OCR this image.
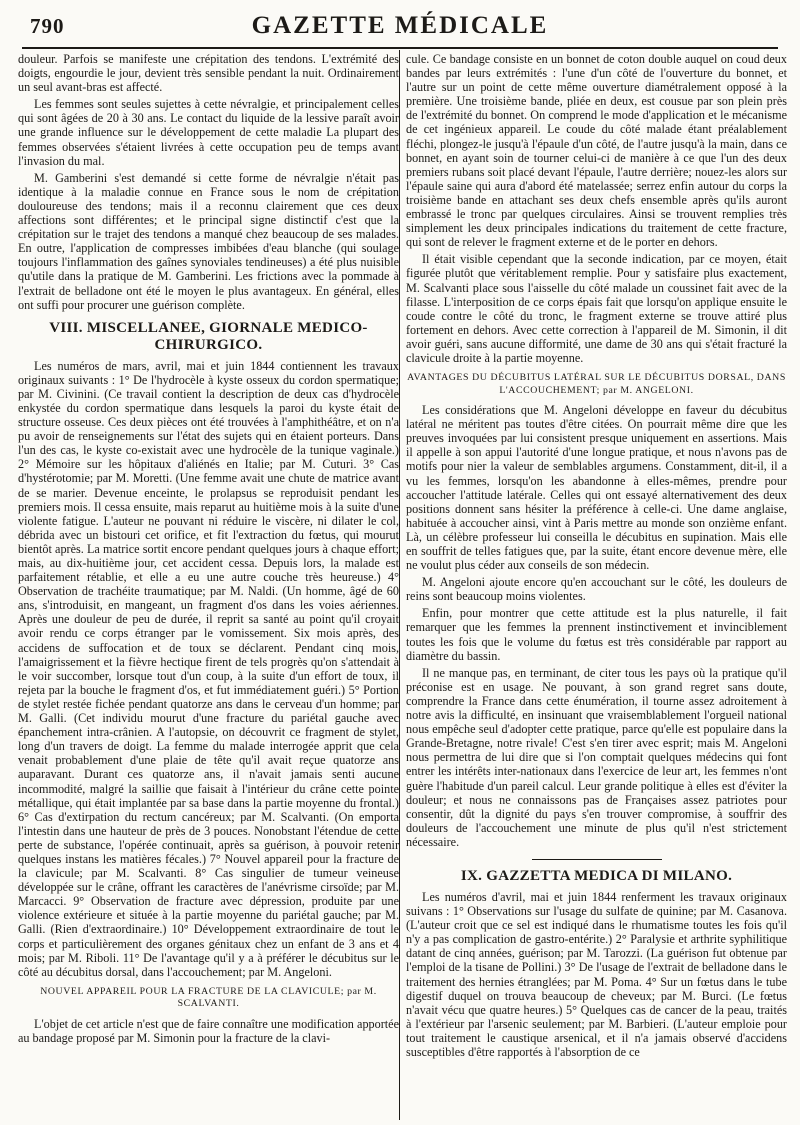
790	GAZETTE MÉDICALE

douleur. Parfois se manifeste une crépitation des tendons. L'extrémité des doigts, engourdie le jour, devient très sensible pendant la nuit. Ordinairement un seul avant-bras est affecté.

Les femmes sont seules sujettes à cette névralgie, et principalement celles qui sont âgées de 20 à 30 ans. Le contact du liquide de la lessive paraît avoir une grande influence sur le développement de cette maladie La plupart des femmes observées s'étaient livrées à cette occupation peu de temps avant l'invasion du mal.

M. Gamberini s'est demandé si cette forme de névralgie n'était pas identique à la maladie connue en France sous le nom de crépitation douloureuse des tendons; mais il a reconnu clairement que ces deux affections sont différentes; et le principal signe distinctif c'est que la crépitation sur le trajet des tendons a manqué chez beaucoup de ses malades. En outre, l'application de compresses imbibées d'eau blanche (qui soulage toujours l'inflammation des gaînes synoviales tendineuses) a été plus nuisible qu'utile dans la pratique de M. Gamberini. Les frictions avec la pommade à l'extrait de belladone ont été le moyen le plus avantageux. En général, elles ont suffi pour procurer une guérison complète.

VIII. MISCELLANEE, GIORNALE MEDICO-CHIRURGICO.

Les numéros de mars, avril, mai et juin 1844 contiennent les travaux originaux suivants : 1° De l'hydrocèle à kyste osseux du cordon spermatique; par M. Civinini. (Ce travail contient la description de deux cas d'hydrocèle enkystée du cordon spermatique dans lesquels la paroi du kyste était de structure osseuse. Ces deux pièces ont été trouvées à l'amphithéâtre, et on n'a pu avoir de renseignements sur l'état des sujets qui en étaient porteurs. Dans l'un des cas, le kyste co-existait avec une hydrocèle de la tunique vaginale.) 2° Mémoire sur les hôpitaux d'aliénés en Italie; par M. Cuturi. 3° Cas d'hystérotomie; par M. Moretti. (Une femme avait une chute de matrice avant de se marier. Devenue enceinte, le prolapsus se reproduisit pendant les premiers mois. Il cessa ensuite, mais reparut au huitième mois à la suite d'une violente fatigue. L'auteur ne pouvant ni réduire le viscère, ni dilater le col, débrida avec un bistouri cet orifice, et fit l'extraction du fœtus, qui mourut bientôt après. La matrice sortit encore pendant quelques jours à chaque effort; mais, au dix-huitième jour, cet accident cessa. Depuis lors, la malade est parfaitement rétablie, et elle a eu une autre couche très heureuse.) 4° Observation de trachéite traumatique; par M. Naldi. (Un homme, âgé de 60 ans, s'introduisit, en mangeant, un fragment d'os dans les voies aériennes. Après une douleur de peu de durée, il reprit sa santé au point qu'il croyait avoir rendu ce corps étranger par le vomissement. Six mois après, des accidens de suffocation et de toux se déclarent. Pendant cinq mois, l'amaigrissement et la fièvre hectique firent de tels progrès qu'on s'attendait à le voir succomber, lorsque tout d'un coup, à la suite d'un effort de toux, il rejeta par la bouche le fragment d'os, et fut immédiatement guéri.) 5° Portion de stylet restée fichée pendant quatorze ans dans le cerveau d'un homme; par M. Galli. (Cet individu mourut d'une fracture du pariétal gauche avec épanchement intra-crânien. A l'autopsie, on découvrit ce fragment de stylet, long d'un travers de doigt. La femme du malade interrogée apprit que cela venait probablement d'une plaie de tête qu'il avait reçue quatorze ans auparavant. Durant ces quatorze ans, il n'avait jamais senti aucune incommodité, malgré la saillie que faisait à l'intérieur du crâne cette pointe métallique, qui était implantée par sa base dans la partie moyenne du frontal.) 6° Cas d'extirpation du rectum cancéreux; par M. Scalvanti. (On emporta l'intestin dans une hauteur de près de 3 pouces. Nonobstant l'étendue de cette perte de substance, l'opérée continuait, après sa guérison, à pouvoir retenir quelques instans les matières fécales.) 7° Nouvel appareil pour la fracture de la clavicule; par M. Scalvanti. 8° Cas singulier de tumeur veineuse développée sur le crâne, offrant les caractères de l'anévrisme cirsoïde; par M. Marcacci. 9° Observation de fracture avec dépression, produite par une violence extérieure et située à la partie moyenne du pariétal gauche; par M. Galli. (Rien d'extraordinaire.) 10° Développement extraordinaire de tout le corps et particulièrement des organes génitaux chez un enfant de 3 ans et 4 mois; par M. Riboli. 11° De l'avantage qu'il y a à préférer le décubitus sur le côté au décubitus dorsal, dans l'accouchement; par M. Angeloni.

NOUVEL APPAREIL POUR LA FRACTURE DE LA CLAVICULE; par M. SCALVANTI.

L'objet de cet article n'est que de faire connaître une modification apportée au bandage proposé par M. Simonin pour la fracture de la clavi-

cule. Ce bandage consiste en un bonnet de coton double auquel on coud deux bandes par leurs extrémités : l'une d'un côté de l'ouverture du bonnet, et l'autre sur un point de cette même ouverture diamétralement opposé à la première. Une troisième bande, pliée en deux, est cousue par son plein près de l'extrémité du bonnet. On comprend le mode d'application et le mécanisme de cet ingénieux appareil. Le coude du côté malade étant préalablement fléchi, plongez-le jusqu'à l'épaule d'un côté, de l'autre jusqu'à la main, dans ce bonnet, en ayant soin de tourner celui-ci de manière à ce que l'un des deux premiers rubans soit placé devant l'épaule, l'autre derrière; nouez-les alors sur l'épaule saine qui aura d'abord été matelassée; serrez enfin autour du corps la troisième bande en attachant ses deux chefs ensemble après qu'ils auront embrassé le tronc par quelques circulaires. Ainsi se trouvent remplies très simplement les deux principales indications du traitement de cette fracture, qui sont de relever le fragment externe et de le porter en dehors.

Il était visible cependant que la seconde indication, par ce moyen, était figurée plutôt que véritablement remplie. Pour y satisfaire plus exactement, M. Scalvanti place sous l'aisselle du côté malade un coussinet fait avec de la filasse. L'interposition de ce corps épais fait que lorsqu'on applique ensuite le coude contre le côté du tronc, le fragment externe se trouve attiré plus fortement en dehors. Avec cette correction à l'appareil de M. Simonin, il dit avoir guéri, sans aucune difformité, une dame de 30 ans qui s'était fracturé la clavicule droite à la partie moyenne.

AVANTAGES DU DÉCUBITUS LATÉRAL SUR LE DÉCUBITUS DORSAL, DANS L'ACCOUCHEMENT; par M. ANGELONI.

Les considérations que M. Angeloni développe en faveur du décubitus latéral ne méritent pas toutes d'être citées. On pourrait même dire que les preuves invoquées par lui consistent presque uniquement en assertions. Mais il appelle à son appui l'autorité d'une longue pratique, et nous n'avons pas de motifs pour nier la valeur de semblables argumens. Constamment, dit-il, il a vu les femmes, lorsqu'on les abandonne à elles-mêmes, prendre pour accoucher l'attitude latérale. Celles qui ont essayé alternativement des deux positions donnent sans hésiter la préférence à celle-ci. Une dame anglaise, habituée à accoucher ainsi, vint à Paris mettre au monde son onzième enfant. Là, un célèbre professeur lui conseilla le décubitus en supination. Mais elle en souffrit de telles fatigues que, par la suite, étant encore devenue mère, elle ne voulut plus céder aux conseils de son médecin.

M. Angeloni ajoute encore qu'en accouchant sur le côté, les douleurs de reins sont beaucoup moins violentes.

Enfin, pour montrer que cette attitude est la plus naturelle, il fait remarquer que les femmes la prennent instinctivement et invinciblement toutes les fois que le volume du fœtus est très considérable par rapport au diamètre du bassin.

Il ne manque pas, en terminant, de citer tous les pays où la pratique qu'il préconise est en usage. Ne pouvant, à son grand regret sans doute, comprendre la France dans cette énumération, il tourne assez adroitement à notre avis la difficulté, en insinuant que vraisemblablement l'orgueil national nous empêche seul d'adopter cette pratique, parce qu'elle est populaire dans la Grande-Bretagne, notre rivale! C'est s'en tirer avec esprit; mais M. Angeloni nous permettra de lui dire que si l'on comptait quelques médecins qui font entrer les intérêts inter-nationaux dans l'exercice de leur art, les femmes n'ont guère l'habitude d'un pareil calcul. Leur grande politique à elles est d'éviter la douleur; et nous ne connaissons pas de Françaises assez patriotes pour consentir, dût la dignité du pays s'en trouver compromise, à souffrir des douleurs de l'accouchement une minute de plus qu'il n'est strictement nécessaire.

IX. GAZZETTA MEDICA DI MILANO.

Les numéros d'avril, mai et juin 1844 renferment les travaux originaux suivans : 1° Observations sur l'usage du sulfate de quinine; par M. Casanova. (L'auteur croit que ce sel est indiqué dans le rhumatisme toutes les fois qu'il n'y a pas complication de gastro-entérite.) 2° Paralysie et arthrite syphilitique datant de cinq années, guérison; par M. Tarozzi. (La guérison fut obtenue par l'emploi de la tisane de Pollini.) 3° De l'usage de l'extrait de belladone dans le traitement des hernies étranglées; par M. Poma. 4° Sur un fœtus dans le tube digestif duquel on trouva beaucoup de cheveux; par M. Burci. (Le fœtus n'avait vécu que quatre heures.) 5° Quelques cas de cancer de la peau, traités à l'extérieur par l'arsenic seulement; par M. Barbieri. (L'auteur emploie pour tout traitement le caustique arsenical, et il n'a jamais observé d'accidens susceptibles d'être rapportés à l'absorption de ce
